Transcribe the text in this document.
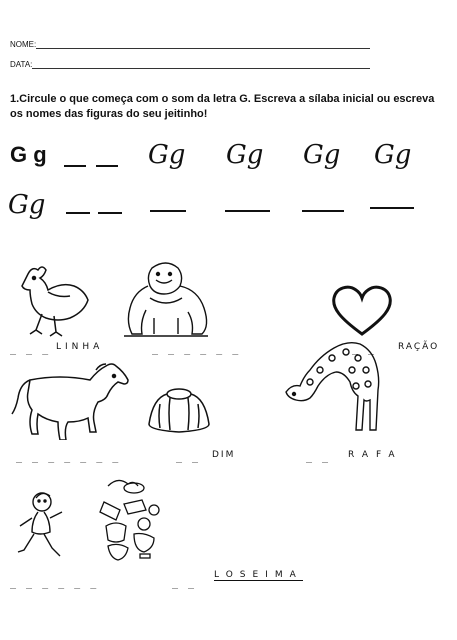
NOME:
DATA:
1.Circule o que começa com o som da letra G. Escreva a sílaba inicial ou escreva os nomes das figuras do seu jeitinho!
G g	Gg Gg Gg Gg
Gg
_ _ _ LINHA	_ _ _ _ _ _	_ _ RAÇÃO
_ _ _ _ _ _ _	_ _ DIM	_ _ RAFA
_ _ _ _ _ _	_ _
LOSEIMA
